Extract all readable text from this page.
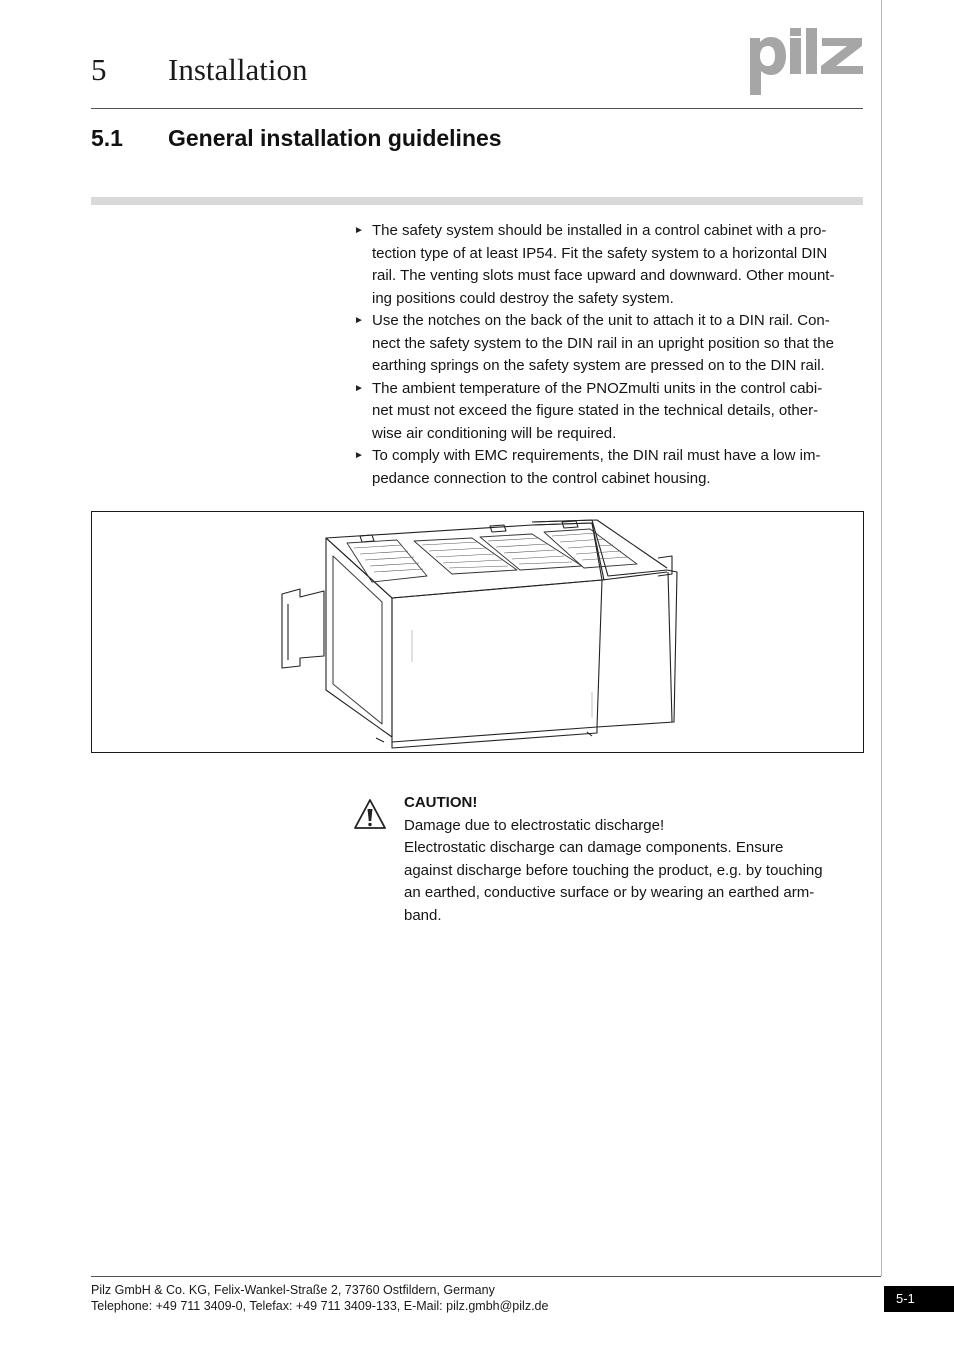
5 Installation
5.1 General installation guidelines
► The safety system should be installed in a control cabinet with a pro-
tection type of at least IP54. Fit the safety system to a horizontal DIN
rail. The venting slots must face upward and downward. Other mount-
ing positions could destroy the safety system.
► Use the notches on the back of the unit to attach it to a DIN rail. Con-
nect the safety system to the DIN rail in an upright position so that the
earthing springs on the safety system are pressed on to the DIN rail.
► The ambient temperature of the PNOZmulti units in the control cabi-
net must not exceed the figure stated in the technical details, other-
wise air conditioning will be required.
► To comply with EMC requirements, the DIN rail must have a low im-
pedance connection to the control cabinet housing.
CAUTION!
Damage due to electrostatic discharge!
Electrostatic discharge can damage components. Ensure
against discharge before touching the product, e.g. by touching
an earthed, conductive surface or by wearing an earthed arm-
band.
Pilz GmbH & Co. KG, Felix-Wankel-Straße 2, 73760 Ostfildern, Germany
Telephone: +49 711 3409-0, Telefax: +49 711 3409-133, E-Mail: pilz.gmbh@pilz.de	5-1
